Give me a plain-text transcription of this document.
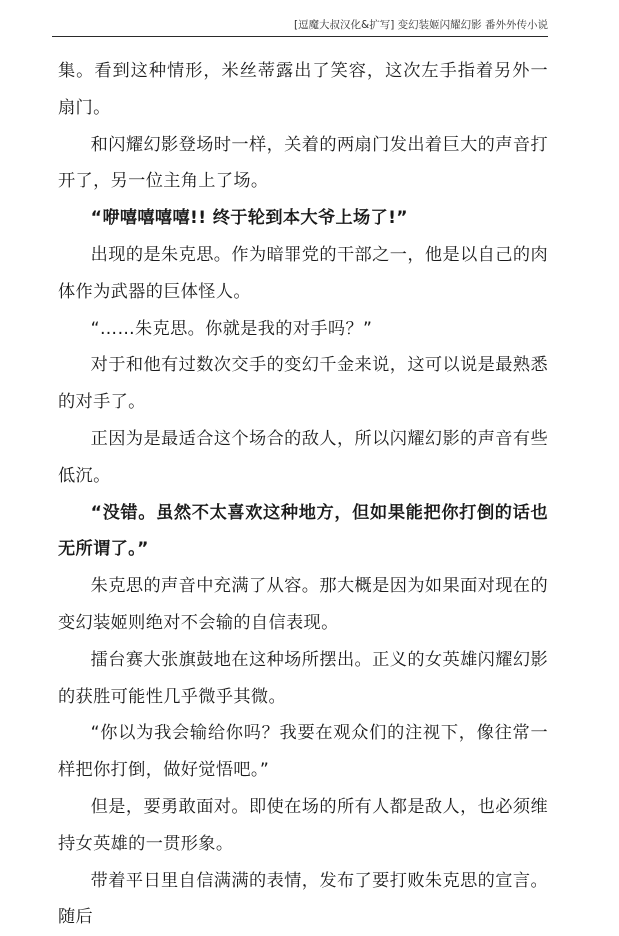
[逗魔大叔汉化&扩写] 变幻装姬闪耀幻影 番外外传小说

集。看到这种情形，米丝蒂露出了笑容，这次左手指着另外一扇门。

和闪耀幻影登场时一样，关着的两扇门发出着巨大的声音打开了，另一位主角上了场。

“咿嘻嘻嘻嘻!! 终于轮到本大爷上场了!”

出现的是朱克思。作为暗罪党的干部之一，他是以自己的肉体作为武器的巨体怪人。

“……朱克思。你就是我的对手吗？”

对于和他有过数次交手的变幻千金来说，这可以说是最熟悉的对手了。

正因为是最适合这个场合的敌人，所以闪耀幻影的声音有些低沉。

“没错。虽然不太喜欢这种地方，但如果能把你打倒的话也无所谓了。”

朱克思的声音中充满了从容。那大概是因为如果面对现在的变幻装姬则绝对不会输的自信表现。

擂台赛大张旗鼓地在这种场所摆出。正义的女英雄闪耀幻影的获胜可能性几乎微乎其微。

“你以为我会输给你吗？我要在观众们的注视下，像往常一样把你打倒，做好觉悟吧。”

但是，要勇敢面对。即使在场的所有人都是敌人，也必须维持女英雄的一贯形象。

带着平日里自信满满的表情，发布了要打败朱克思的宣言。随后
